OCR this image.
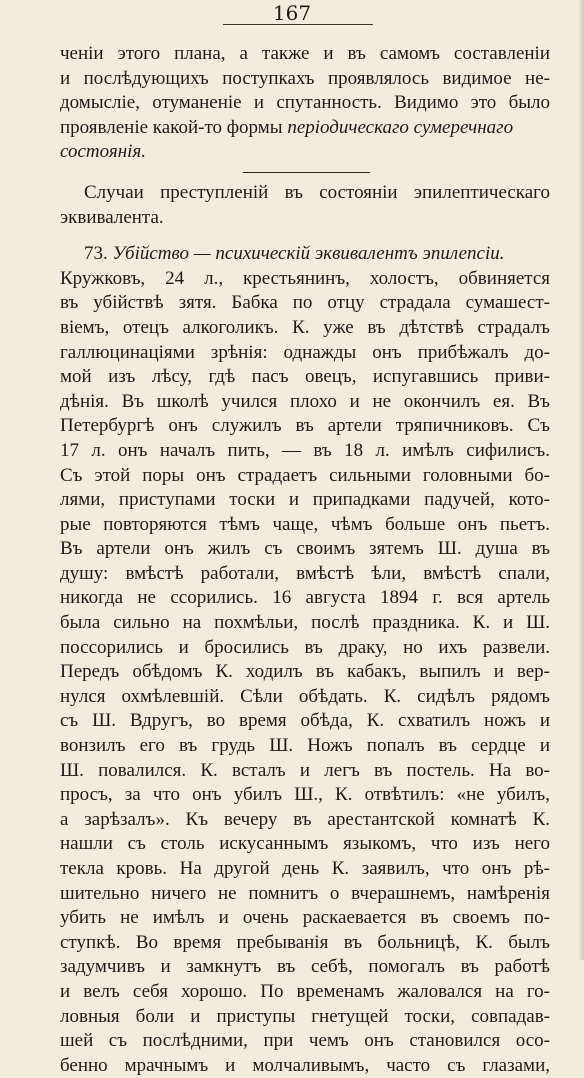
167
ченіи этого плана, а также и въ самомъ составленіи
и послѣдующихъ поступкахъ проявлялось видимое не-
домысліе, отуманеніе и спутанность. Видимо это было
проявленіе какой-то формы періодическаго сумеречнаго
состоянія.
Случаи преступленій въ состояніи эпилептическаго
эквивалента.
73. Убійство — психическій эквивалентъ эпилепсіи.
Кружковъ, 24 л., крестьянинъ, холостъ, обвиняется
въ убійствѣ зятя. Бабка по отцу страдала сумашест-
віемъ, отецъ алкоголикъ. К. уже въ дѣтствѣ страдалъ
галлюцинаціями зрѣнія: однажды онъ прибѣжалъ до-
мой изъ лѣсу, гдѣ пасъ овецъ, испугавшись приви-
дѣнія. Въ школѣ учился плохо и не окончилъ ея. Въ
Петербургѣ онъ служилъ въ артели тряпичниковъ. Съ
17 л. онъ началъ пить, — въ 18 л. имѣлъ сифилисъ.
Съ этой поры онъ страдаетъ сильными головными бо-
лями, приступами тоски и припадками падучей, кото-
рые повторяются тѣмъ чаще, чѣмъ больше онъ пьетъ.
Въ артели онъ жилъ съ своимъ зятемъ Ш. душа въ
душу: вмѣстѣ работали, вмѣстѣ ѣли, вмѣстѣ спали,
никогда не ссорились. 16 августа 1894 г. вся артель
была сильно на похмѣльи, послѣ праздника. К. и Ш.
поссорились и бросились въ драку, но ихъ развели.
Передъ обѣдомъ К. ходилъ въ кабакъ, выпилъ и вер-
нулся охмѣлевшій. Сѣли обѣдать. К. сидѣлъ рядомъ
съ Ш. Вдругъ, во время обѣда, К. схватилъ ножъ и
вонзилъ его въ грудь Ш. Ножъ попалъ въ сердце и
Ш. повалился. К. всталъ и легъ въ постель. На во-
просъ, за что онъ убилъ Ш., К. отвѣтилъ: «не убилъ,
а зарѣзалъ». Къ вечеру въ арестантской комнатѣ К.
нашли съ столь искусаннымъ языкомъ, что изъ него
текла кровь. На другой день К. заявилъ, что онъ рѣ-
шительно ничего не помнитъ о вчерашнемъ, намѣренія
убить не имѣлъ и очень раскаевается въ своемъ по-
ступкѣ. Во время пребыванія въ больницѣ, К. былъ
задумчивъ и замкнутъ въ себѣ, помогалъ въ работѣ
и велъ себя хорошо. По временамъ жаловался на го-
ловныя боли и приступы гнетущей тоски, совпадав-
шей съ послѣдними, при чемъ онъ становился осо-
бенно мрачнымъ и молчаливымъ, часто съ глазами,
